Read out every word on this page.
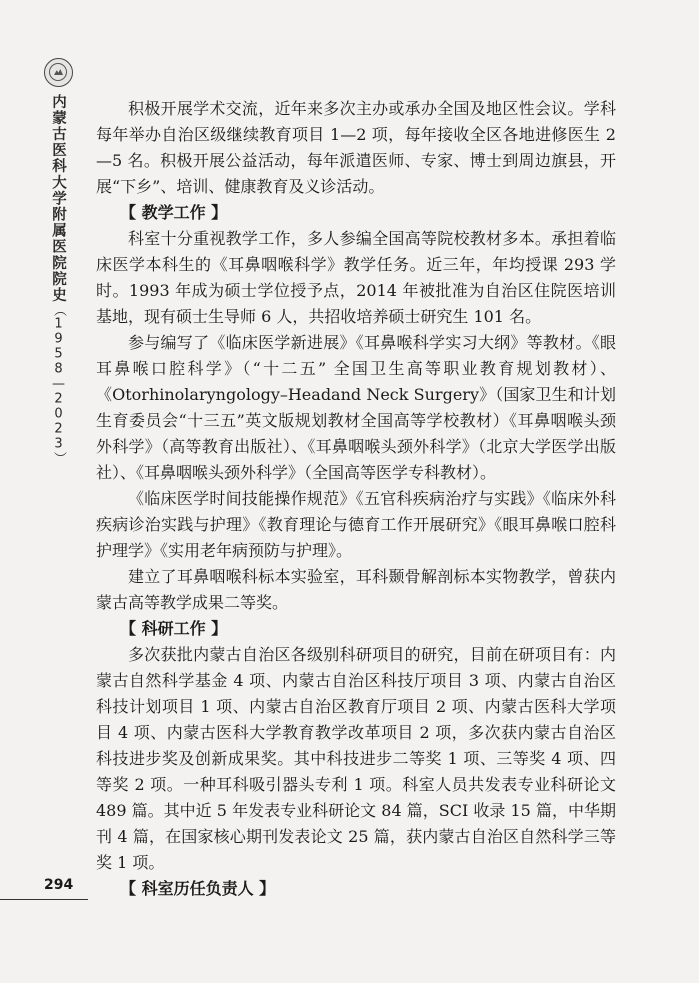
内蒙古医科大学附属医院院史（1958—2023）
294

积极开展学术交流，近年来多次主办或承办全国及地区性会议。学科每年举办自治区级继续教育项目 1—2 项，每年接收全区各地进修医生 2—5 名。积极开展公益活动，每年派遣医师、专家、博士到周边旗县，开展“下乡”、培训、健康教育及义诊活动。

【 教学工作 】

科室十分重视教学工作，多人参编全国高等院校教材多本。承担着临床医学本科生的《耳鼻咽喉科学》教学任务。近三年，年均授课 293 学时。1993 年成为硕士学位授予点，2014 年被批准为自治区住院医培训基地，现有硕士生导师 6 人，共招收培养硕士研究生 101 名。

参与编写了《临床医学新进展》《耳鼻喉科学实习大纲》等教材。《眼耳鼻喉口腔科学》（“十二五” 全国卫生高等职业教育规划教材）、《Otorhinolaryngology–Headand Neck Surgery》（国家卫生和计划生育委员会“十三五”英文版规划教材全国高等学校教材）《耳鼻咽喉头颈外科学》（高等教育出版社）、《耳鼻咽喉头颈外科学》（北京大学医学出版社）、《耳鼻咽喉头颈外科学》（全国高等医学专科教材）。

《临床医学时间技能操作规范》《五官科疾病治疗与实践》《临床外科疾病诊治实践与护理》《教育理论与德育工作开展研究》《眼耳鼻喉口腔科护理学》《实用老年病预防与护理》。

建立了耳鼻咽喉科标本实验室，耳科颞骨解剖标本实物教学，曾获内蒙古高等教学成果二等奖。

【 科研工作 】

多次获批内蒙古自治区各级别科研项目的研究，目前在研项目有：内蒙古自然科学基金 4 项、内蒙古自治区科技厅项目 3 项、内蒙古自治区科技计划项目 1 项、内蒙古自治区教育厅项目 2 项、内蒙古医科大学项目 4 项、内蒙古医科大学教育教学改革项目 2 项，多次获内蒙古自治区科技进步奖及创新成果奖。其中科技进步二等奖 1 项、三等奖 4 项、四等奖 2 项。一种耳科吸引器头专利 1 项。科室人员共发表专业科研论文 489 篇。其中近 5 年发表专业科研论文 84 篇，SCI 收录 15 篇，中华期刊 4 篇，在国家核心期刊发表论文 25 篇，获内蒙古自治区自然科学三等奖 1 项。

【 科室历任负责人 】
